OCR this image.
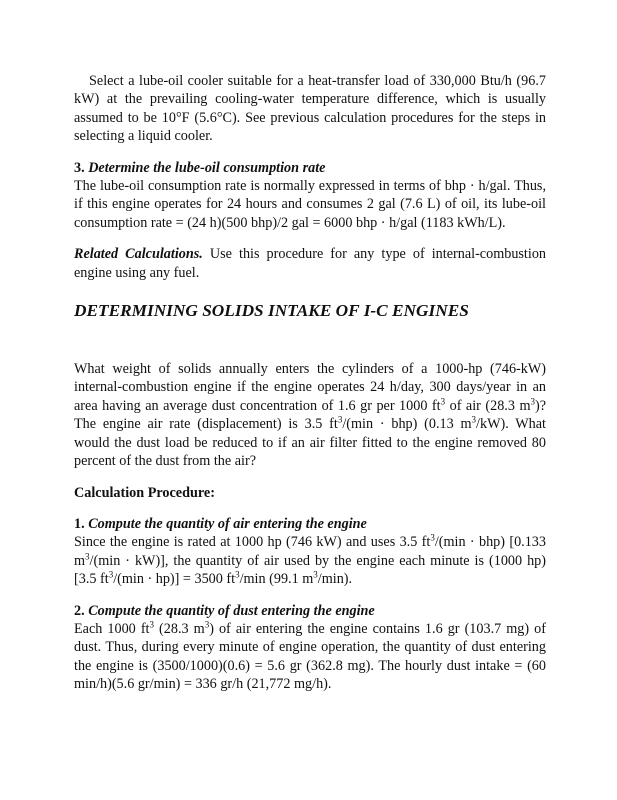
Select a lube-oil cooler suitable for a heat-transfer load of 330,000 Btu/h (96.7 kW) at the prevailing cooling-water temperature difference, which is usually assumed to be 10°F (5.6°C). See previous calculation procedures for the steps in selecting a liquid cooler.

3. Determine the lube-oil consumption rate

The lube-oil consumption rate is normally expressed in terms of bhp · h/gal. Thus, if this engine operates for 24 hours and consumes 2 gal (7.6 L) of oil, its lube-oil consumption rate = (24 h)(500 bhp)/2 gal = 6000 bhp · h/gal (1183 kWh/L).

Related Calculations. Use this procedure for any type of internal-combustion engine using any fuel.

DETERMINING SOLIDS INTAKE OF I-C ENGINES

What weight of solids annually enters the cylinders of a 1000-hp (746-kW) internal-combustion engine if the engine operates 24 h/day, 300 days/year in an area having an average dust concentration of 1.6 gr per 1000 $ft^3$ of air (28.3 $m^3$)? The engine air rate (displacement) is 3.5 $ft^3/(\min \cdot bhp)$ (0.13 $m^3/kW$). What would the dust load be reduced to if an air filter fitted to the engine removed 80 percent of the dust from the air?

Calculation Procedure:

1. Compute the quantity of air entering the engine

Since the engine is rated at 1000 hp (746 kW) and uses 3.5 $ft^3/(\min \cdot bhp)$ [0.133 $m^3/(\min \cdot kW)$], the quantity of air used by the engine each minute is (1000 hp)[3.5 $ft^3/(\min \cdot hp)] = 3500$ $ft^3/\min$ (99.1 $m^3/\min$).

2. Compute the quantity of dust entering the engine

Each 1000 $ft^3$ (28.3 $m^3$) of air entering the engine contains 1.6 gr (103.7 mg) of dust. Thus, during every minute of engine operation, the quantity of dust entering the engine is (3500/1000)(0.6) = 5.6 gr (362.8 mg). The hourly dust intake = (60 min/h)(5.6 gr/min) = 336 gr/h (21,772 mg/h).
